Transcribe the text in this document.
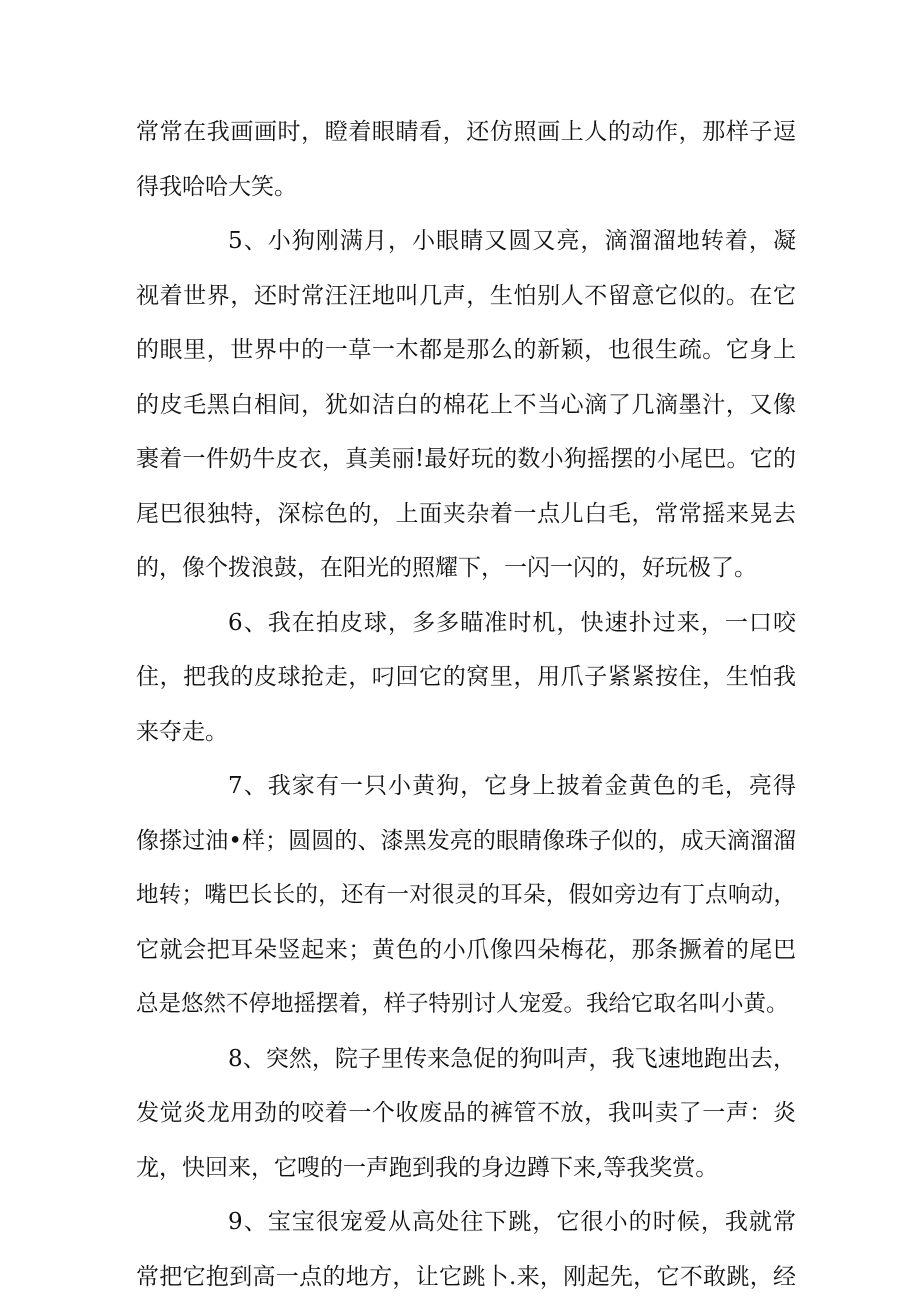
常常在我画画时，瞪着眼睛看，还仿照画上人的动作，那样子逗
得我哈哈大笑。
5、小狗刚满月，小眼睛又圆又亮，滴溜溜地转着，凝
视着世界，还时常汪汪地叫几声，生怕别人不留意它似的。在它
的眼里，世界中的一草一木都是那么的新颖，也很生疏。它身上
的皮毛黑白相间，犹如洁白的棉花上不当心滴了几滴墨汁，又像
裹着一件奶牛皮衣，真美丽!最好玩的数小狗摇摆的小尾巴。它的
尾巴很独特，深棕色的，上面夹杂着一点儿白毛，常常摇来晃去
的，像个拨浪鼓，在阳光的照耀下，一闪一闪的，好玩极了。
6、我在拍皮球，多多瞄准时机，快速扑过来，一口咬
住，把我的皮球抢走，叼回它的窝里，用爪子紧紧按住，生怕我
来夺走。
7、我家有一只小黄狗，它身上披着金黄色的毛，亮得
像搽过油•样；圆圆的、漆黑发亮的眼睛像珠子似的，成天滴溜溜
地转；嘴巴长长的，还有一对很灵的耳朵，假如旁边有丁点响动，
它就会把耳朵竖起来；黄色的小爪像四朵梅花，那条撅着的尾巴
总是悠然不停地摇摆着，样子特别讨人宠爱。我给它取名叫小黄。
8、突然，院子里传来急促的狗叫声，我飞速地跑出去，
发觉炎龙用劲的咬着一个收废品的裤管不放，我叫卖了一声：炎
龙，快回来，它嗖的一声跑到我的身边蹲下来,等我奖赏。
9、宝宝很宠爱从高处往下跳，它很小的时候，我就常
常把它抱到高一点的地方，让它跳卜.来，刚起先，它不敢跳，经
